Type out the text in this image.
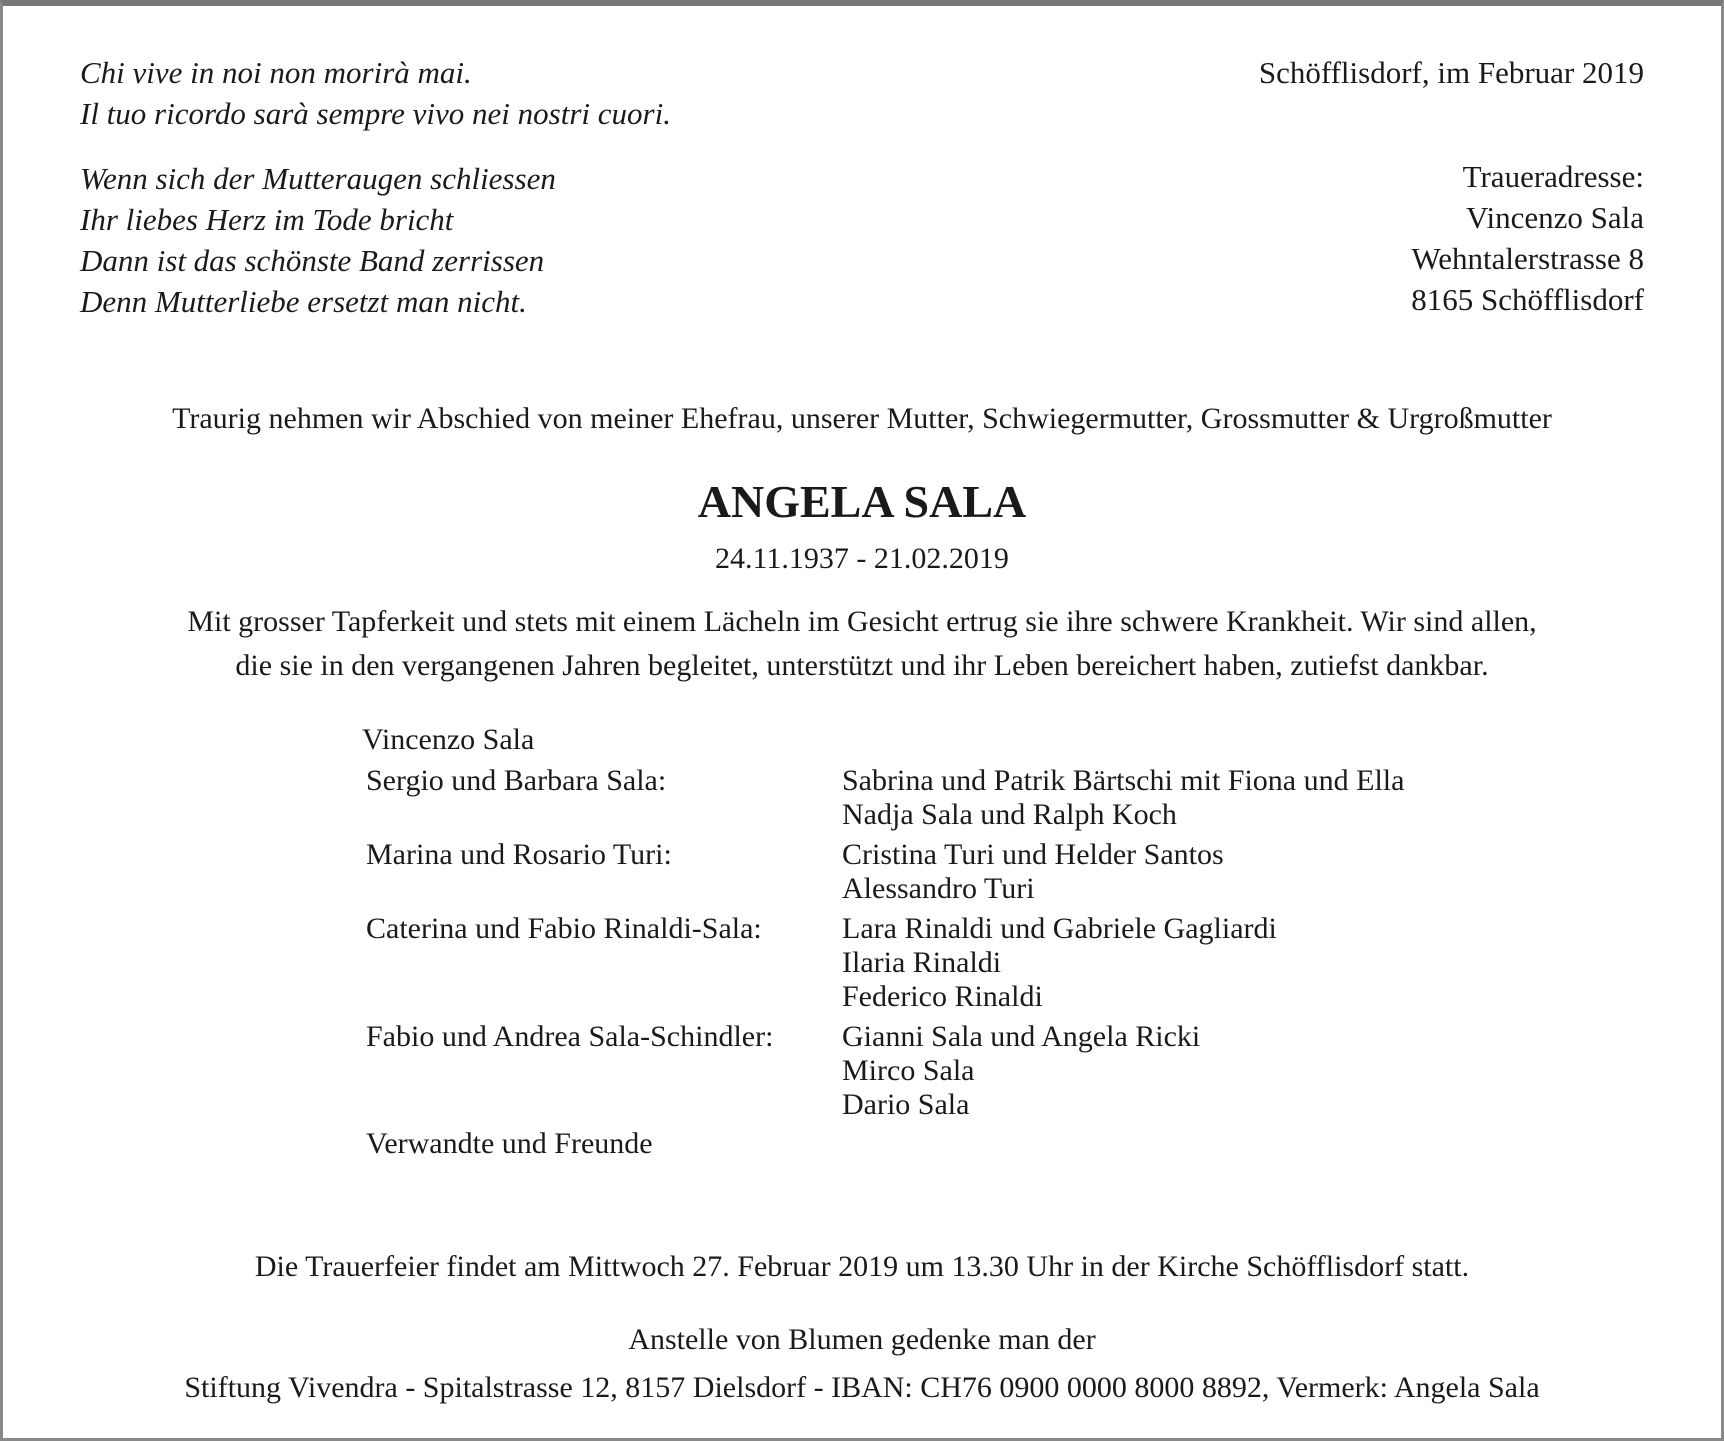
Chi vive in noi non morirà mai.
Il tuo ricordo sarà sempre vivo nei nostri cuori.
Wenn sich der Mutteraugen schliessen
Ihr liebes Herz im Tode bricht
Dann ist das schönste Band zerrissen
Denn Mutterliebe ersetzt man nicht.
Schöfflisdorf, im Februar 2019
Traueradresse:
Vincenzo Sala
Wehntalerstrasse 8
8165 Schöfflisdorf
Traurig nehmen wir Abschied von meiner Ehefrau, unserer Mutter, Schwiegermutter, Grossmutter & Urgroßmutter
ANGELA SALA
24.11.1937 - 21.02.2019
Mit grosser Tapferkeit und stets mit einem Lächeln im Gesicht ertrug sie ihre schwere Krankheit. Wir sind allen,
die sie in den vergangenen Jahren begleitet, unterstützt und ihr Leben bereichert haben, zutiefst dankbar.
Vincenzo Sala
Sergio und Barbara Sala:	Sabrina und Patrik Bärtschi mit Fiona und Ella
Nadja Sala und Ralph Koch
Marina und Rosario Turi:	Cristina Turi und Helder Santos
Alessandro Turi
Caterina und Fabio Rinaldi-Sala:	Lara Rinaldi und Gabriele Gagliardi
Ilaria Rinaldi
Federico Rinaldi
Fabio und Andrea Sala-Schindler:	Gianni Sala und Angela Ricki
Mirco Sala
Dario Sala
Verwandte und Freunde
Die Trauerfeier findet am Mittwoch 27. Februar 2019 um 13.30 Uhr in der Kirche Schöfflisdorf statt.
Anstelle von Blumen gedenke man der
Stiftung Vivendra - Spitalstrasse 12, 8157 Dielsdorf - IBAN: CH76 0900 0000 8000 8892, Vermerk: Angela Sala
